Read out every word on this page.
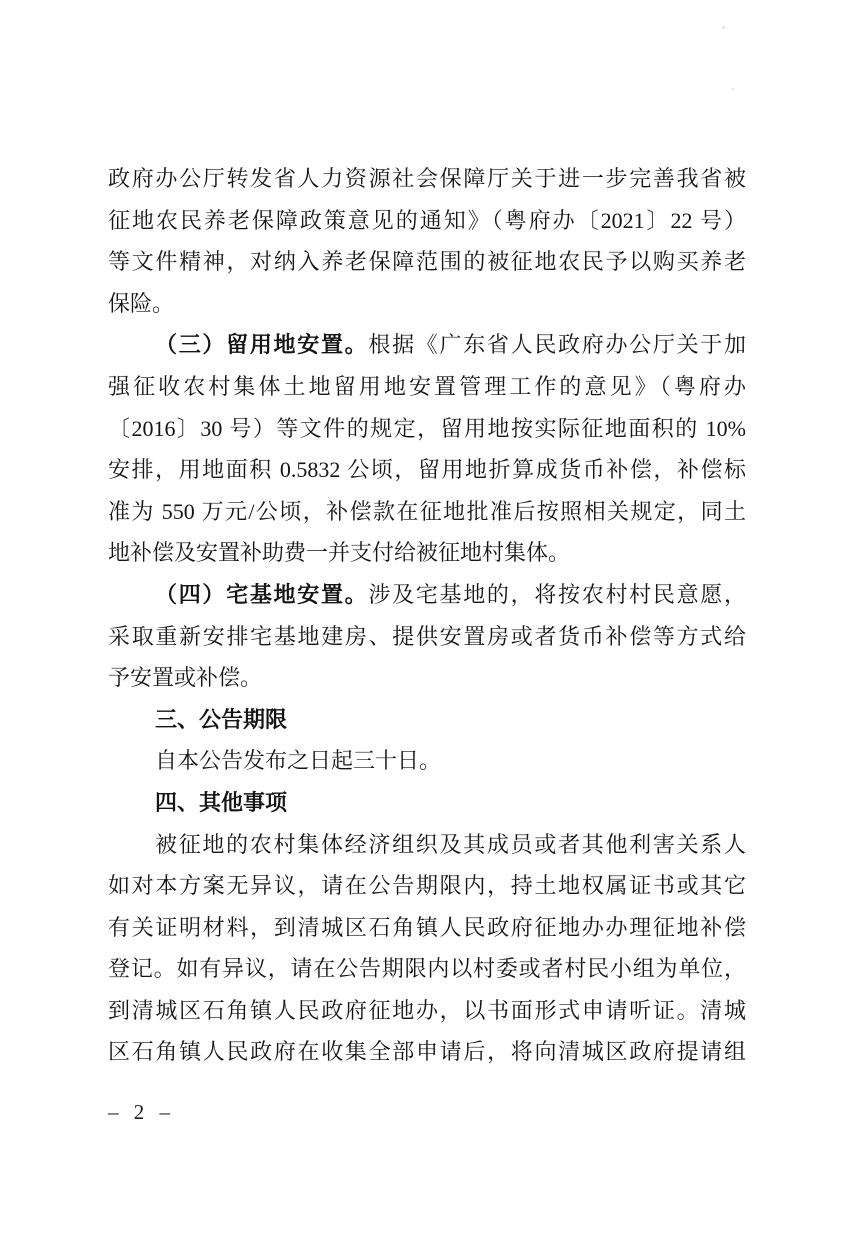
政府办公厅转发省人力资源社会保障厅关于进一步完善我省被
征地农民养老保障政策意见的通知》（粤府办〔2021〕22 号）
等文件精神，对纳入养老保障范围的被征地农民予以购买养老
保险。
（三）留用地安置。根据《广东省人民政府办公厅关于加
强征收农村集体土地留用地安置管理工作的意见》（粤府办
〔2016〕30 号）等文件的规定，留用地按实际征地面积的 10%
安排，用地面积 0.5832 公顷，留用地折算成货币补偿，补偿标
准为 550 万元/公顷，补偿款在征地批准后按照相关规定，同土
地补偿及安置补助费一并支付给被征地村集体。
（四）宅基地安置。涉及宅基地的，将按农村村民意愿，
采取重新安排宅基地建房、提供安置房或者货币补偿等方式给
予安置或补偿。
三、公告期限
自本公告发布之日起三十日。
四、其他事项
被征地的农村集体经济组织及其成员或者其他利害关系人
如对本方案无异议，请在公告期限内，持土地权属证书或其它
有关证明材料，到清城区石角镇人民政府征地办办理征地补偿
登记。如有异议，请在公告期限内以村委或者村民小组为单位，
到清城区石角镇人民政府征地办，以书面形式申请听证。清城
区石角镇人民政府在收集全部申请后，将向清城区政府提请组
– 2 –
